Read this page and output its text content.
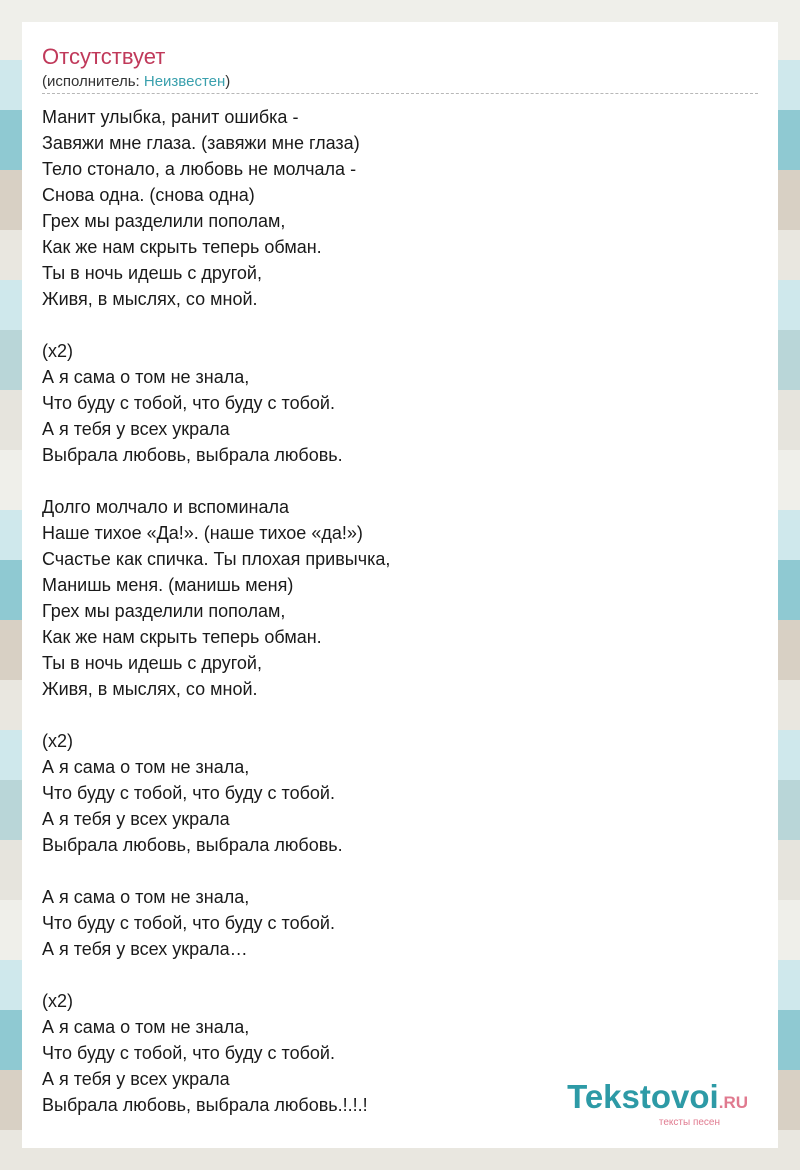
Отсутствует
(исполнитель: Неизвестен)
Манит улыбка, ранит ошибка -
Завяжи мне глаза. (завяжи мне глаза)
Тело стонало, а любовь не молчала -
Снова одна. (снова одна)
Грех мы разделили пополам,
Как же нам скрыть теперь обман.
Ты в ночь идешь с другой,
Живя, в мыслях, со мной.
(х2)
А я сама о том не знала,
Что буду с тобой, что буду с тобой.
А я тебя у всех украла
Выбрала любовь, выбрала любовь.
Долго молчало и вспоминала
Наше тихое «Да!». (наше тихое «да!»)
Счастье как спичка. Ты плохая привычка,
Манишь меня. (манишь меня)
Грех мы разделили пополам,
Как же нам скрыть теперь обман.
Ты в ночь идешь с другой,
Живя, в мыслях, со мной.
(х2)
А я сама о том не знала,
Что буду с тобой, что буду с тобой.
А я тебя у всех украла
Выбрала любовь, выбрала любовь.
А я сама о том не знала,
Что буду с тобой, что буду с тобой.
А я тебя у всех украла…
(х2)
А я сама о том не знала,
Что буду с тобой, что буду с тобой.
А я тебя у всех украла
Выбрала любовь, выбрала любовь.!.!.!	Tekstovoi.RU
тексты песен
